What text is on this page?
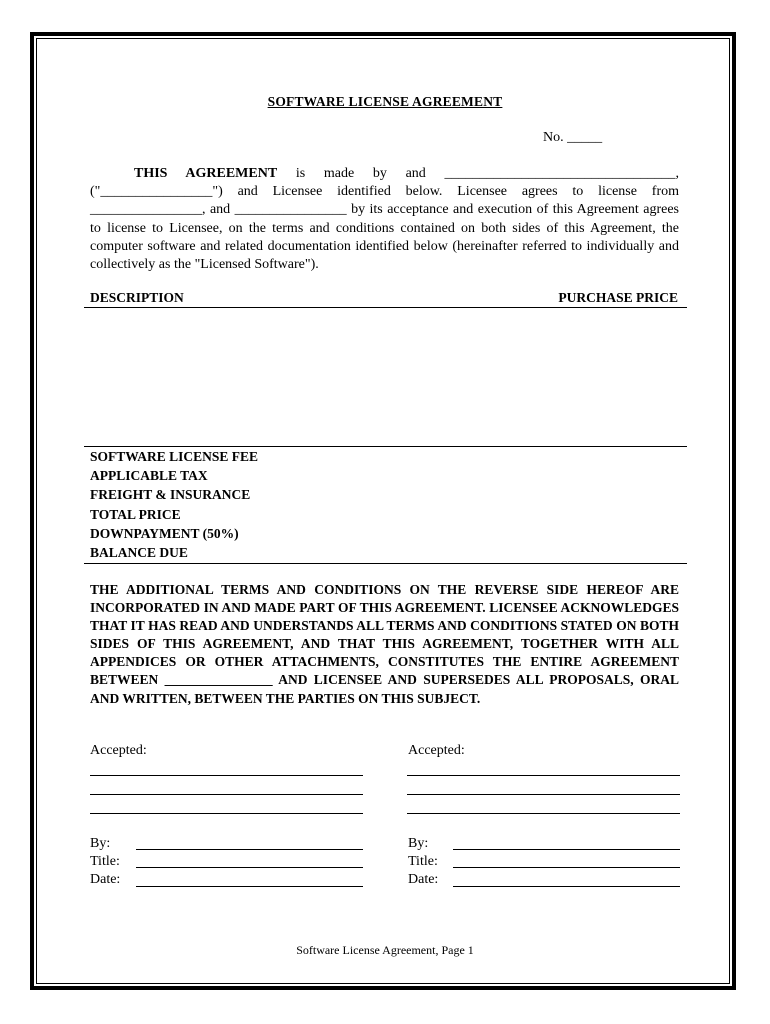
SOFTWARE LICENSE AGREEMENT
No. _____
THIS AGREEMENT is made by and _________________________________, ("________________") and Licensee identified below. Licensee agrees to license from ________________, and ________________ by its acceptance and execution of this Agreement agrees to license to Licensee, on the terms and conditions contained on both sides of this Agreement, the computer software and related documentation identified below (hereinafter referred to individually and collectively as the "Licensed Software").
DESCRIPTION	PURCHASE PRICE
SOFTWARE LICENSE FEE
APPLICABLE TAX
FREIGHT & INSURANCE
TOTAL PRICE
DOWNPAYMENT (50%)
BALANCE DUE
THE ADDITIONAL TERMS AND CONDITIONS ON THE REVERSE SIDE HEREOF ARE INCORPORATED IN AND MADE PART OF THIS AGREEMENT. LICENSEE ACKNOWLEDGES THAT IT HAS READ AND UNDERSTANDS ALL TERMS AND CONDITIONS STATED ON BOTH SIDES OF THIS AGREEMENT, AND THAT THIS AGREEMENT, TOGETHER WITH ALL APPENDICES OR OTHER ATTACHMENTS, CONSTITUTES THE ENTIRE AGREEMENT BETWEEN ________________ AND LICENSEE AND SUPERSEDES ALL PROPOSALS, ORAL AND WRITTEN, BETWEEN THE PARTIES ON THIS SUBJECT.
Accepted:	Accepted:
By:
Title:
Date:
By:
Title:
Date:
Software License Agreement, Page 1
